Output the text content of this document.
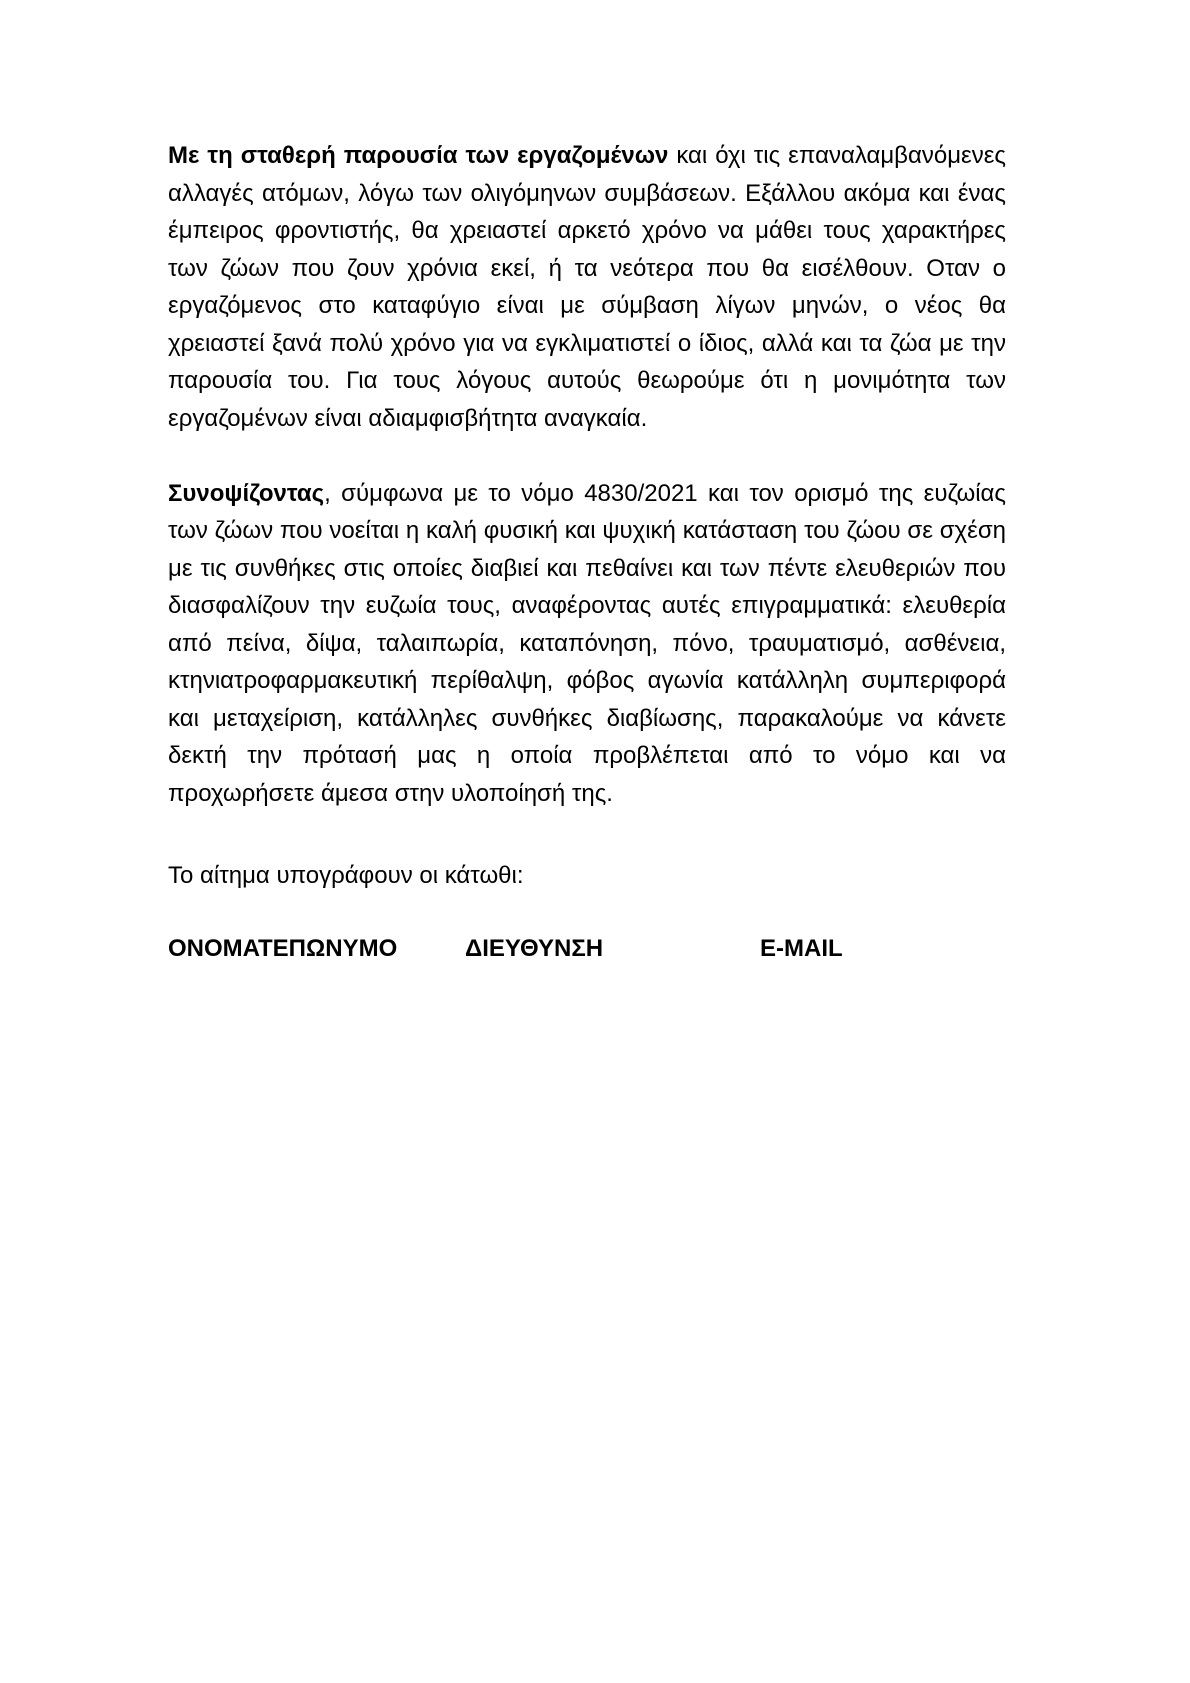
Με τη σταθερή παρουσία των εργαζομένων και όχι τις επαναλαμβανόμενες αλλαγές ατόμων, λόγω των ολιγόμηνων συμβάσεων. Εξάλλου ακόμα και ένας έμπειρος φροντιστής, θα χρειαστεί αρκετό χρόνο να μάθει τους χαρακτήρες των ζώων που ζουν χρόνια εκεί, ή τα νεότερα που θα εισέλθουν. Οταν ο εργαζόμενος στο καταφύγιο είναι με σύμβαση λίγων μηνών, ο νέος θα χρειαστεί ξανά πολύ χρόνο για να εγκλιματιστεί ο ίδιος, αλλά και τα ζώα με την παρουσία του. Για τους λόγους αυτούς θεωρούμε ότι η μονιμότητα των εργαζομένων είναι αδιαμφισβήτητα αναγκαία.

Συνοψίζοντας, σύμφωνα με το νόμο 4830/2021 και τον ορισμό της ευζωίας των ζώων που νοείται η καλή φυσική και ψυχική κατάσταση του ζώου σε σχέση με τις συνθήκες στις οποίες διαβιεί και πεθαίνει και των πέντε ελευθεριών που διασφαλίζουν την ευζωία τους, αναφέροντας αυτές επιγραμματικά: ελευθερία από πείνα, δίψα, ταλαιπωρία, καταπόνηση, πόνο, τραυματισμό, ασθένεια, κτηνιατροφαρμακευτική περίθαλψη, φόβος αγωνία κατάλληλη συμπεριφορά και μεταχείριση, κατάλληλες συνθήκες διαβίωσης, παρακαλούμε να κάνετε δεκτή την πρότασή μας η οποία προβλέπεται από το νόμο και να προχωρήσετε άμεσα στην υλοποίησή της.

Το αίτημα υπογράφουν οι κάτωθι:

ΟΝΟΜΑΤΕΠΩΝΥΜΟ	ΔΙΕΥΘΥΝΣΗ	E-MAIL
